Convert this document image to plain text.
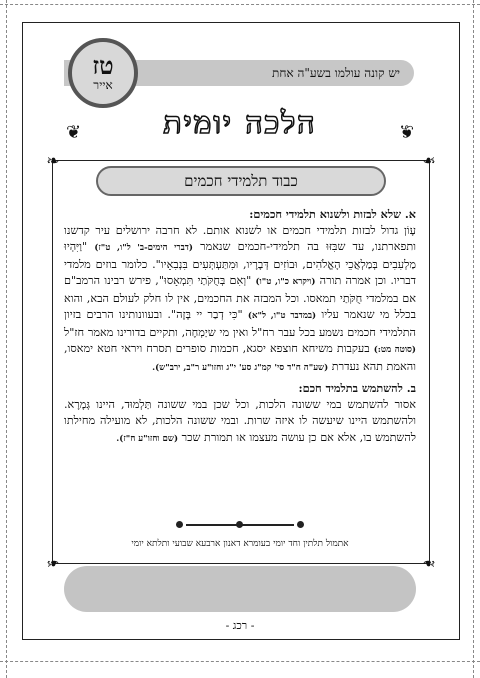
יש קונה עולמו בשע"ה אחת
טז
אייר
❦	הלכה יומית	❦
❧	❧
❧	❧
כבוד תלמידי חכמים

א. שלא לבזות ולשנוא תלמידי חכמים:

עָוֹן גדול לבזות תלמידי חכמים או לשנוא אותם. לא חרבה ירושלים עיר קדשנו ותפארתנו, עד שבִּזּוּ בה תלמידי-חכמים שנאמר (דברי הימים-ב' ל"ו, ט"ז) "וַיִּהְיוּ מַלְעִבִים בְּמַלְאֲכֵי הָאֱלֹהִים, וּבוֹזִים דְּבָרָיו, וּמִתַּעְתְּעִים בִּנְבִאָיו". כלומר בוזים מלמדי דבריו. וכן אמרה תורה (ויקרא כ"ו, ט"ו) "וְאִם בְּחֻקֹּתַי תִּמְאָסוּ", פירש רבינו הרמב"ם אם במלמדי חֻקֹּתַי תמאסו. וכל המבזה את החכמים, אין לו חלק לעולם הבא, והוא בכלל מי שנאמר עליו (במדבר ט"ו, ל"א) "כִּי דְבַר יי בָּזָה". ובעוונותינו הרבים בזיון התלמידי חכמים נשמע בכל עבר רח"ל ואין מי שיַמְחֶה, ותקיים בדורינו מאמר חז"ל (סוטה מט:) בעקבות משיחא חוצפא יסגא, חכמות סופרים תסרח ויראי חטא ימאסו, והאמת תהא נעדרת (שע"ה ח"ד סי' קמ"ג סע' י"ג וחזו"ע ר"ב, ירב"ש).

ב. להשתמש בתלמיד חכם:

אסור להשתמש במי ששונה הלכות, וכל שכן במי ששונה תַּלְמוּד, היינו גְּמָרָא. ולהשתמש היינו שיעשה לו איזה שרות. ובמי ששונה הלכות, לא מועילה מחילתו להשתמש בו, אלא אם כן עושה מעצמו או תמורת שכר (שם וחזו"ע ח"ז).

אתמול תלתין וחד יומי בעומרא דאנון ארבעא שבועי ותלתא יומי
- רכג -
